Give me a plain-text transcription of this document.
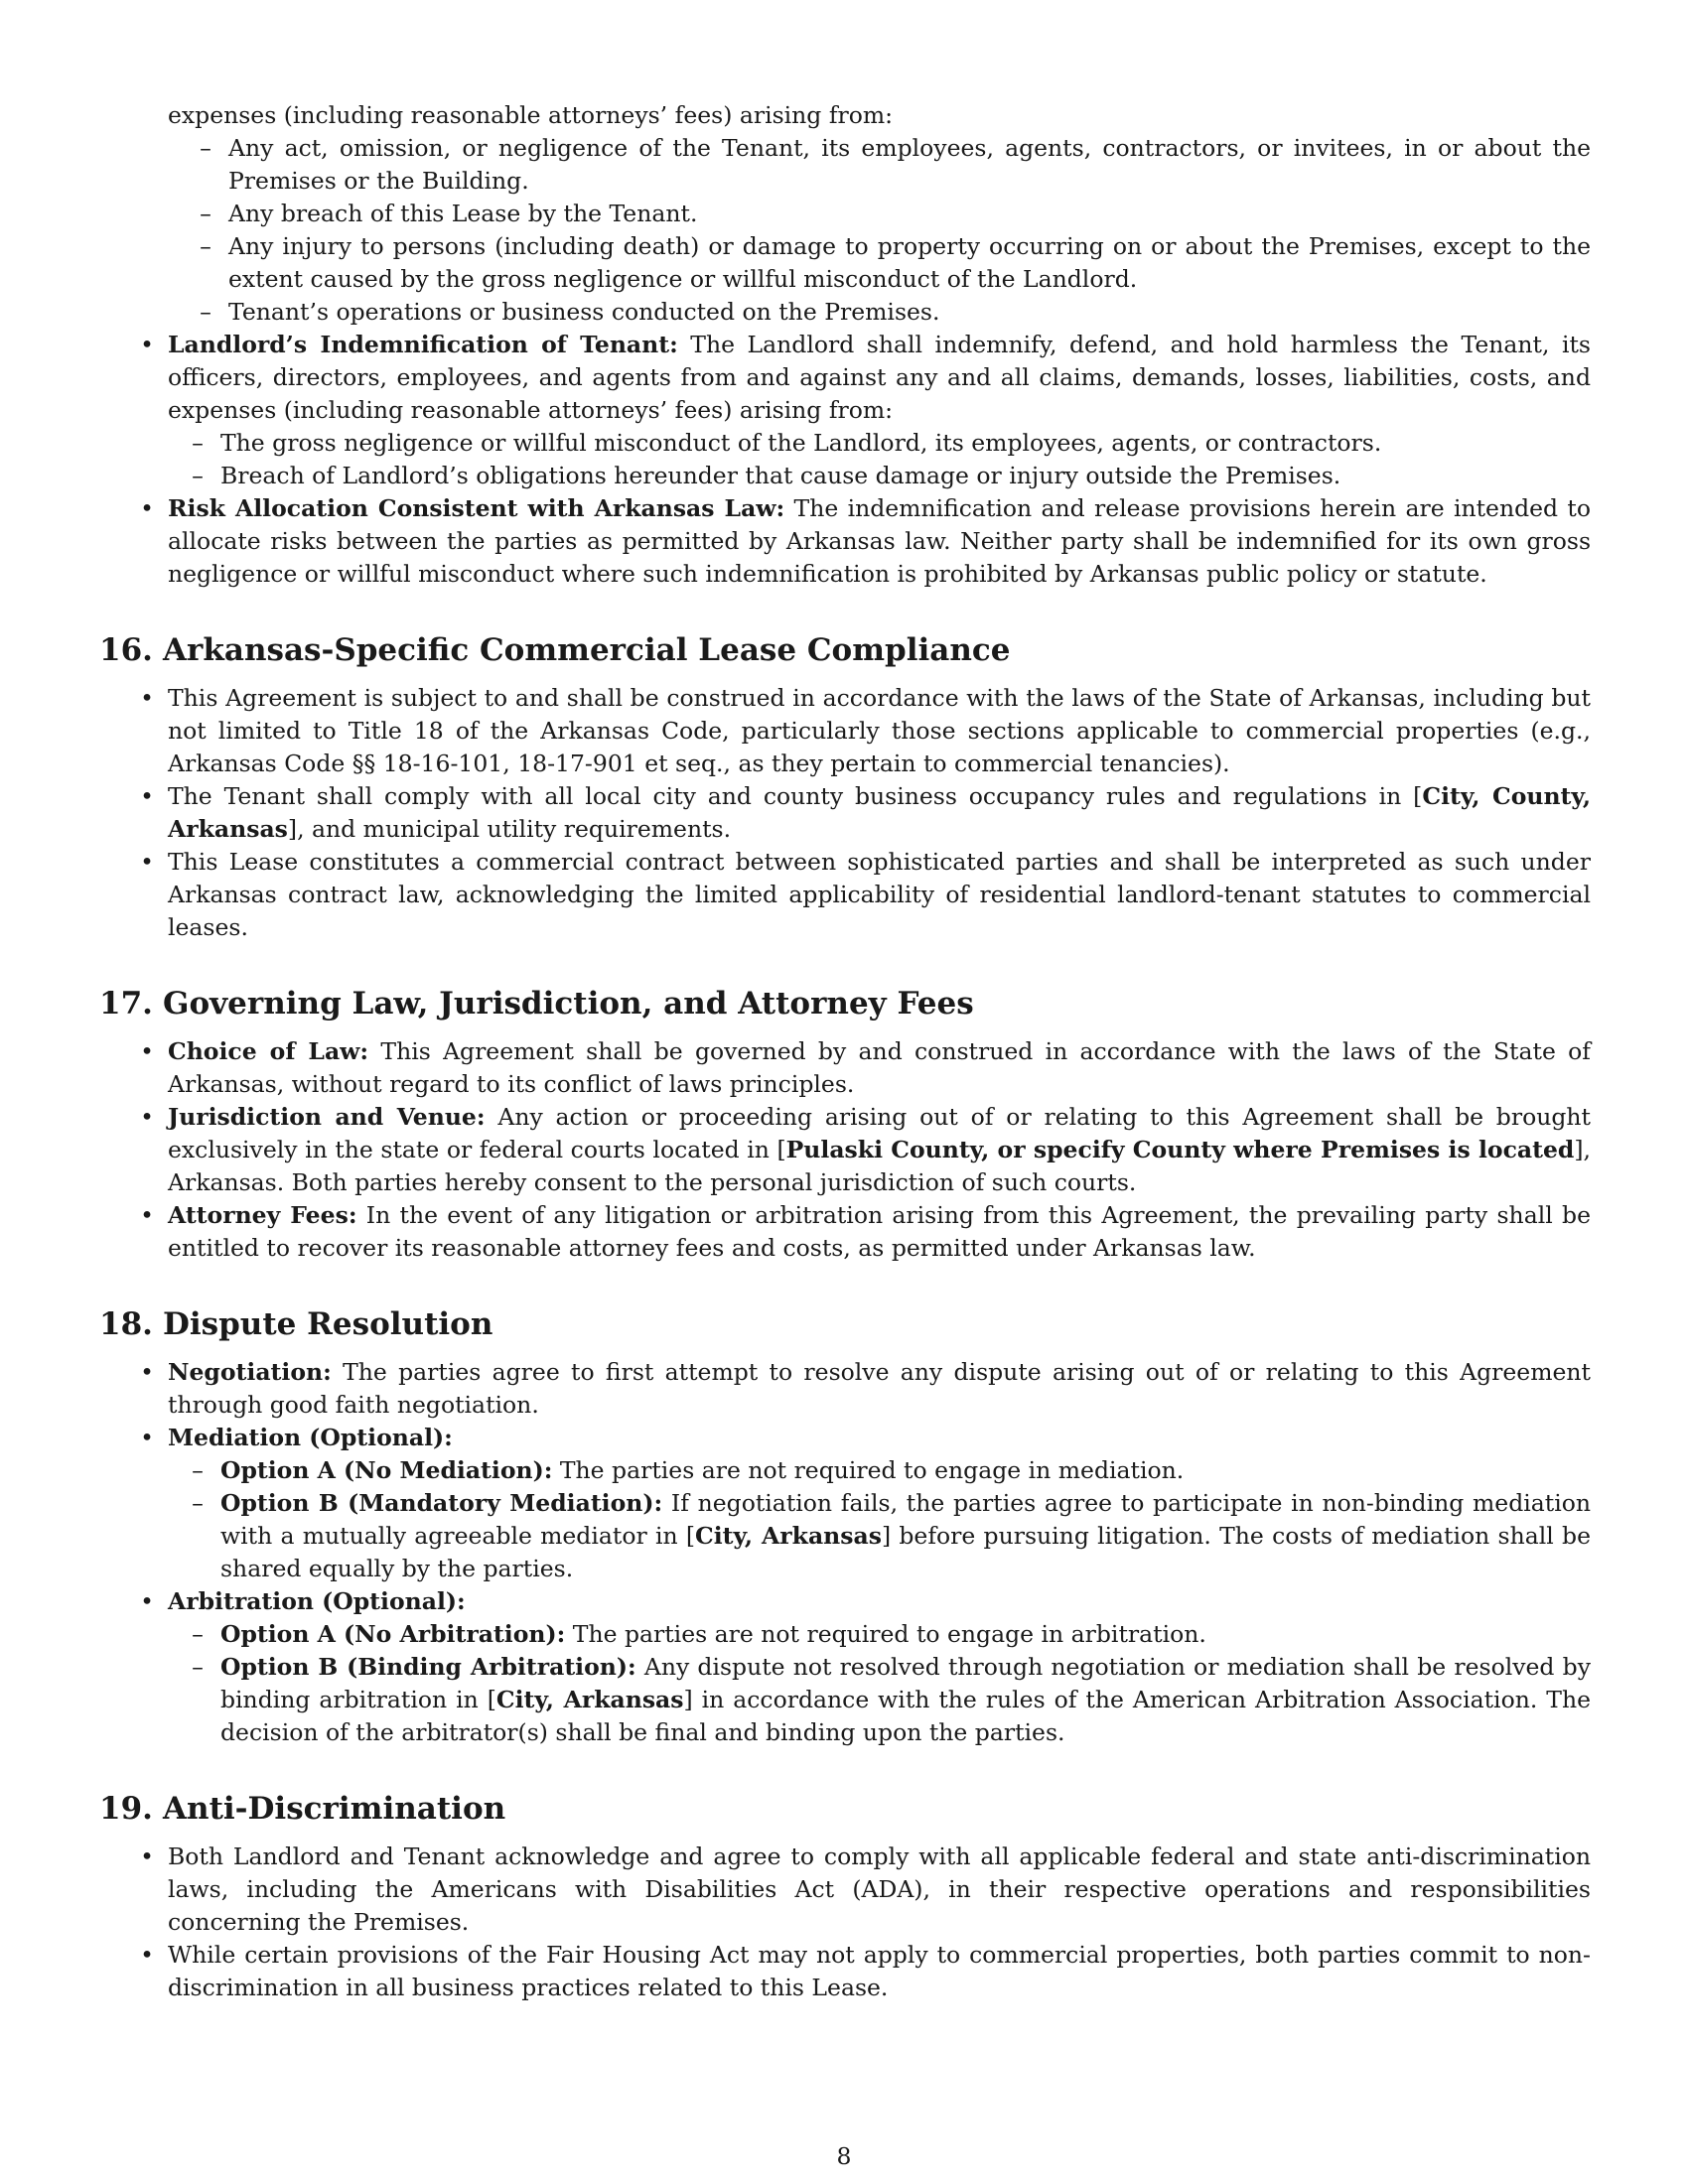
expenses (including reasonable attorneys’ fees) arising from:
– Any act, omission, or negligence of the Tenant, its employees, agents, contractors, or invitees, in or about the Premises or the Building.
– Any breach of this Lease by the Tenant.
– Any injury to persons (including death) or damage to property occurring on or about the Premises, except to the extent caused by the gross negligence or willful misconduct of the Landlord.
– Tenant’s operations or business conducted on the Premises.
• Landlord’s Indemnification of Tenant: The Landlord shall indemnify, defend, and hold harmless the Tenant, its officers, directors, employees, and agents from and against any and all claims, demands, losses, liabilities, costs, and expenses (including reasonable attorneys’ fees) arising from:
– The gross negligence or willful misconduct of the Landlord, its employees, agents, or contractors.
– Breach of Landlord’s obligations hereunder that cause damage or injury outside the Premises.
• Risk Allocation Consistent with Arkansas Law: The indemnification and release provisions herein are intended to allocate risks between the parties as permitted by Arkansas law. Neither party shall be indemnified for its own gross negligence or willful misconduct where such indemnification is prohibited by Arkansas public policy or statute.
16. Arkansas-Specific Commercial Lease Compliance
• This Agreement is subject to and shall be construed in accordance with the laws of the State of Arkansas, including but not limited to Title 18 of the Arkansas Code, particularly those sections applicable to commercial properties (e.g., Arkansas Code §§ 18-16-101, 18-17-901 et seq., as they pertain to commercial tenancies).
• The Tenant shall comply with all local city and county business occupancy rules and regulations in [City, County, Arkansas], and municipal utility requirements.
• This Lease constitutes a commercial contract between sophisticated parties and shall be interpreted as such under Arkansas contract law, acknowledging the limited applicability of residential landlord-tenant statutes to commercial leases.
17. Governing Law, Jurisdiction, and Attorney Fees
• Choice of Law: This Agreement shall be governed by and construed in accordance with the laws of the State of Arkansas, without regard to its conflict of laws principles.
• Jurisdiction and Venue: Any action or proceeding arising out of or relating to this Agreement shall be brought exclusively in the state or federal courts located in [Pulaski County, or specify County where Premises is located], Arkansas. Both parties hereby consent to the personal jurisdiction of such courts.
• Attorney Fees: In the event of any litigation or arbitration arising from this Agreement, the prevailing party shall be entitled to recover its reasonable attorney fees and costs, as permitted under Arkansas law.
18. Dispute Resolution
• Negotiation: The parties agree to first attempt to resolve any dispute arising out of or relating to this Agreement through good faith negotiation.
• Mediation (Optional):
– Option A (No Mediation): The parties are not required to engage in mediation.
– Option B (Mandatory Mediation): If negotiation fails, the parties agree to participate in non-binding mediation with a mutually agreeable mediator in [City, Arkansas] before pursuing litigation. The costs of mediation shall be shared equally by the parties.
• Arbitration (Optional):
– Option A (No Arbitration): The parties are not required to engage in arbitration.
– Option B (Binding Arbitration): Any dispute not resolved through negotiation or mediation shall be resolved by binding arbitration in [City, Arkansas] in accordance with the rules of the American Arbitration Association. The decision of the arbitrator(s) shall be final and binding upon the parties.
19. Anti-Discrimination
• Both Landlord and Tenant acknowledge and agree to comply with all applicable federal and state anti-discrimination laws, including the Americans with Disabilities Act (ADA), in their respective operations and responsibilities concerning the Premises.
• While certain provisions of the Fair Housing Act may not apply to commercial properties, both parties commit to non-discrimination in all business practices related to this Lease.
8
